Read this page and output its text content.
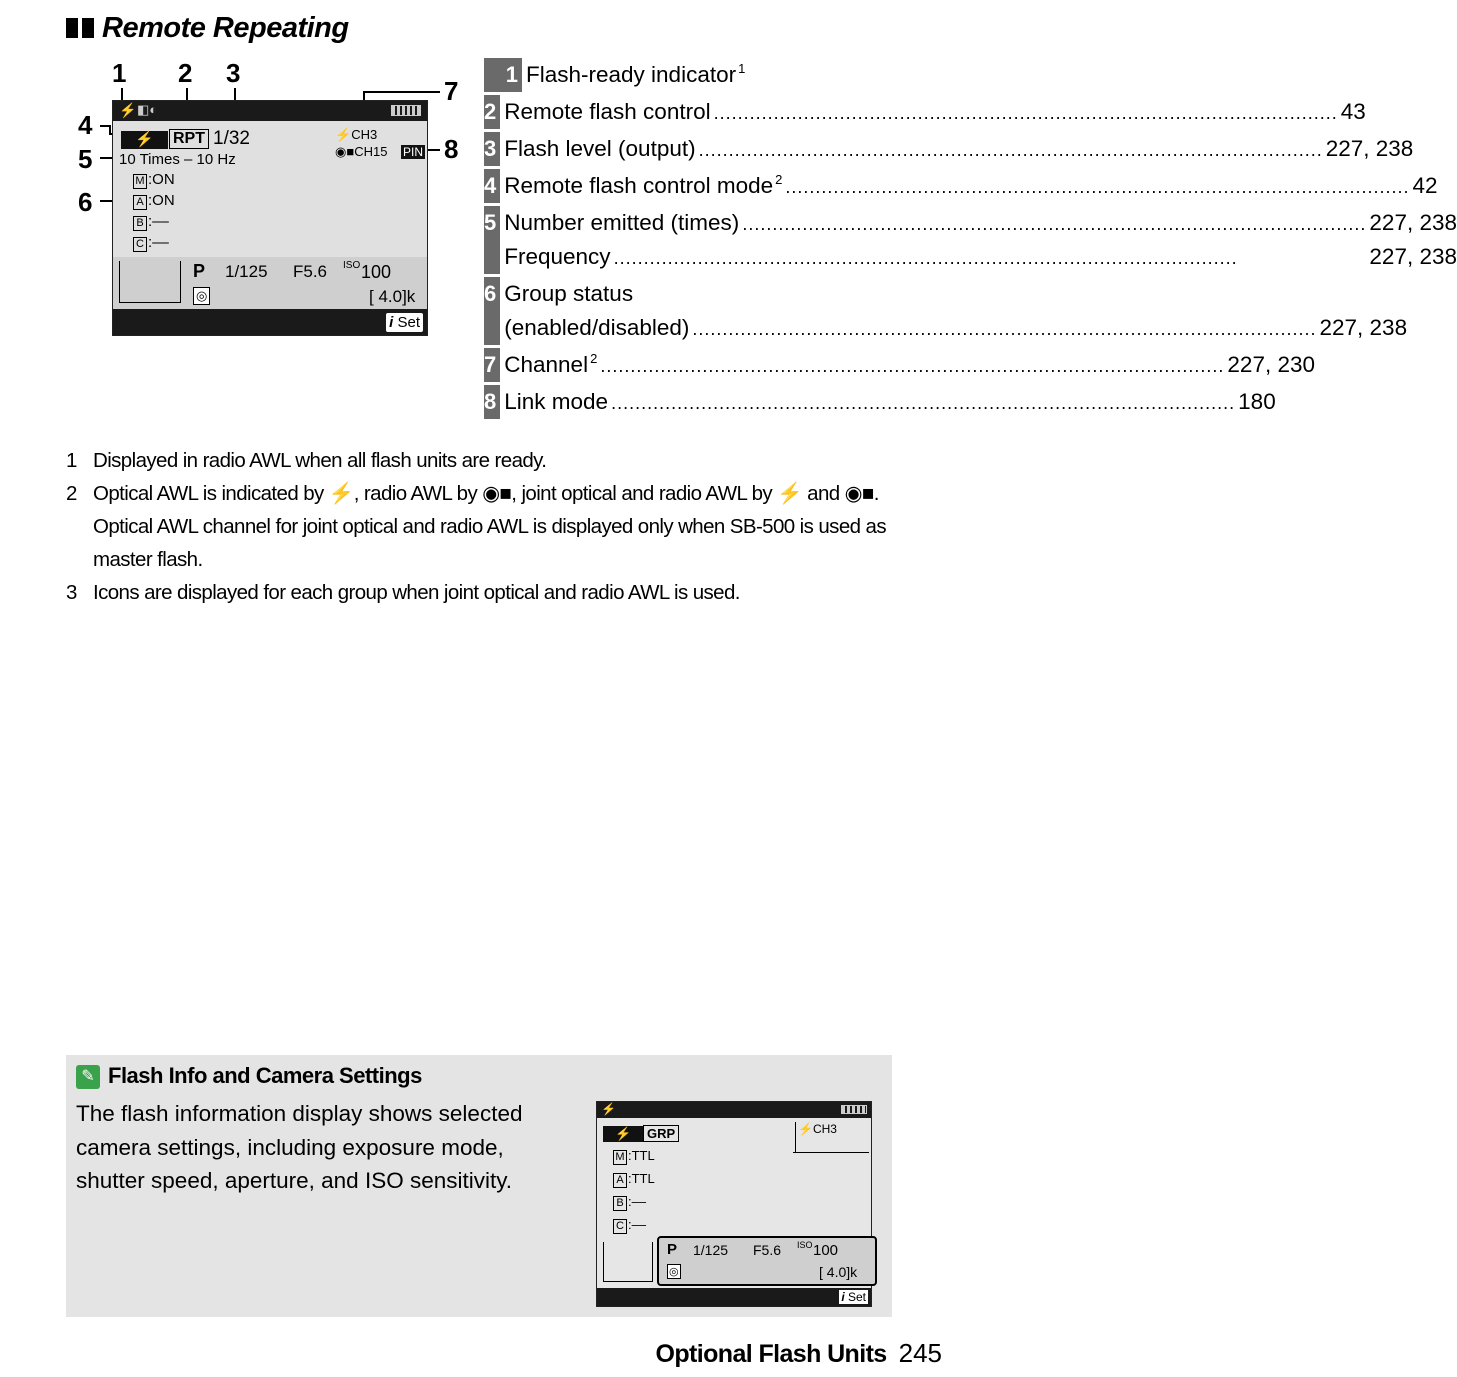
Remote Repeating
1 2 3
4
5
6
7
8
⚡ ◧◐
⚡	RPT 1/32
10 Times – 10 Hz
M :ON
A :ON
B :––
C :––
⚡CH3
◉■CH15 PIN
P 1/125 F5.6 ISO 100
◎	[ 4.0]k
i Set
1 Flash-ready indicator $^1$
2 Remote flash control .....	43
3 Flash level (output) .....	227, 238
4 Remote flash control mode $^2$ .....	42
5 Number emitted (times) .....	227, 238
Frequency .....	227, 238
6 Group status
(enabled/disabled) .....	227, 238
7 Channel $^2$ .....	227, 230
8 Link mode .....	180
1 Displayed in radio AWL when all flash units are ready.
2 Optical AWL is indicated by ⚡, radio AWL by ◉■, joint optical and radio AWL by ⚡ and ◉■.
Optical AWL channel for joint optical and radio AWL is displayed only when SB-500 is used as master flash.
3 Icons are displayed for each group when joint optical and radio AWL is used.
✎ Flash Info and Camera Settings
The flash information display shows selected camera settings, including exposure mode, shutter speed, aperture, and ISO sensitivity.
⚡
⚡	GRP	⚡CH3
M :TTL
A :TTL
B :––
C :––
P 1/125 F5.6 ISO 100
◎	[ 4.0]k
i Set
Optional Flash Units 245
